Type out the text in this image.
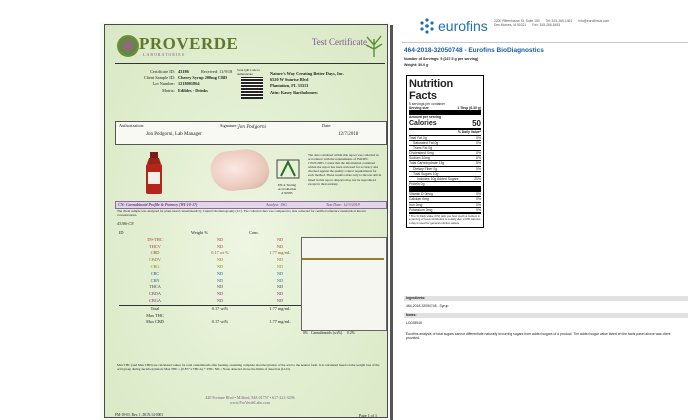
PROVERDE
LABORATORIES
Test Certificate
Certificate ID: 43186
Client Sample ID: Cherry Syrup 200mg CBD
Lot Number: 1218001864
Matrix: Edibles - Drinks
Received: 11/9/18 Scan QR Code to authenticate	Nature's Way Creating Better Days, Inc.
6520 W Sunrise Blvd
Plantation, FL 33313
Attn: Kasey Bartholomew
Authorization:
Jon Podgorni, Lab Manager
Signature: Jon Podgorni	Date:
12/7/2018
PJLA Testing
Accreditation
# 92583
The data contained within this report was collected in accordance with the requirements of ISO/IEC 17025:2005. I attest that the information contained within the report has been reviewed for accuracy and checked against the quality control requirements for each method. These results relate only to the test article listed in this report. Reports may not be reproduced except in their entirety.
CN: Cannabinoid Profile & Potency (WI-10-17)	Analyst: JSG	Test Date: 12/3/2018
The client sample was analyzed for plant-based cannabinoids by Liquid Chromatography (LC). The collected data was compared to data collected for certified reference standards at known concentrations.
43186-CN
ID	Weight %	Conc.
D9-THC	ND	ND
THCV	ND	ND
CBD	0.17 wt %	1.77 mg/mL
CBDV	ND	ND
CBG	ND	ND
CBC	ND	ND
CBN	ND	ND
THCA	ND	ND
CBDA	ND	ND
CBGA	ND	ND
Total	0.17 wt%	1.77 mg/mL
Max THC		
Max CBD	0.17 wt%	1.77 mg/mL
0% Cannabinoids (wt%) 0.2%
Max THC (and Max CBD) are calculated values for total cannabinoids after heating, assuming complete decarboxylation of the acid to the neutral form. It is calculated based on the weight loss of the acid group during decarboxylation: Max THC = (0.877 x THCA) + THC. ND = None detected above the limits of detection (LLD).
420 Fortune Blvd • Milford, MA 01757 • 617-221-3296
www.ProVerdeLabs.com
FM-18-05, Rev. 1, DCN:14-0001	Page 1 of 1
eurofins 2200 Rittenhouse St, Suite 150 Tel: 515-265-1461 info@eurofinsus.com
Des Moines, IA 50321 Fax: 515-266-5453
464-2018-32050748 - Eurofins BioDiagnostics
Number of Servings: 5 (237.5 g per serving)
Weight: 30.0 g
Nutrition Facts
5 servings per container
Serving size	1 Tbsp (6.30 g)
Amount per serving
Calories	50
% Daily Value*
Total Fat 0g	0%
Saturated Fat 0g	0%
Trans Fat 0g
Cholesterol 0mg	0%
Sodium 10mg	0%
Total Carbohydrate 13g	5%
Dietary Fiber 0g	0%
Total Sugars 10g
Includes 10g Added Sugars	20%
Protein 0g
Vitamin D 0mcg	0%
Calcium 0mg	0%
Iron 0mg	0%
Potassium 0mg	0%
* The % Daily Value (DV) tells you how much a nutrient in a serving of food contributes to a daily diet. 2,000 calories a day is used for general nutrition advice.
Ingredients:
464-2018-32050748 - Syrup
Notes:
LG028540
Eurofins analysis of total sugars cannot differentiate naturally occurring sugars from added sugars of a product. The added sugar value listed on the facts panel above was client provided.
